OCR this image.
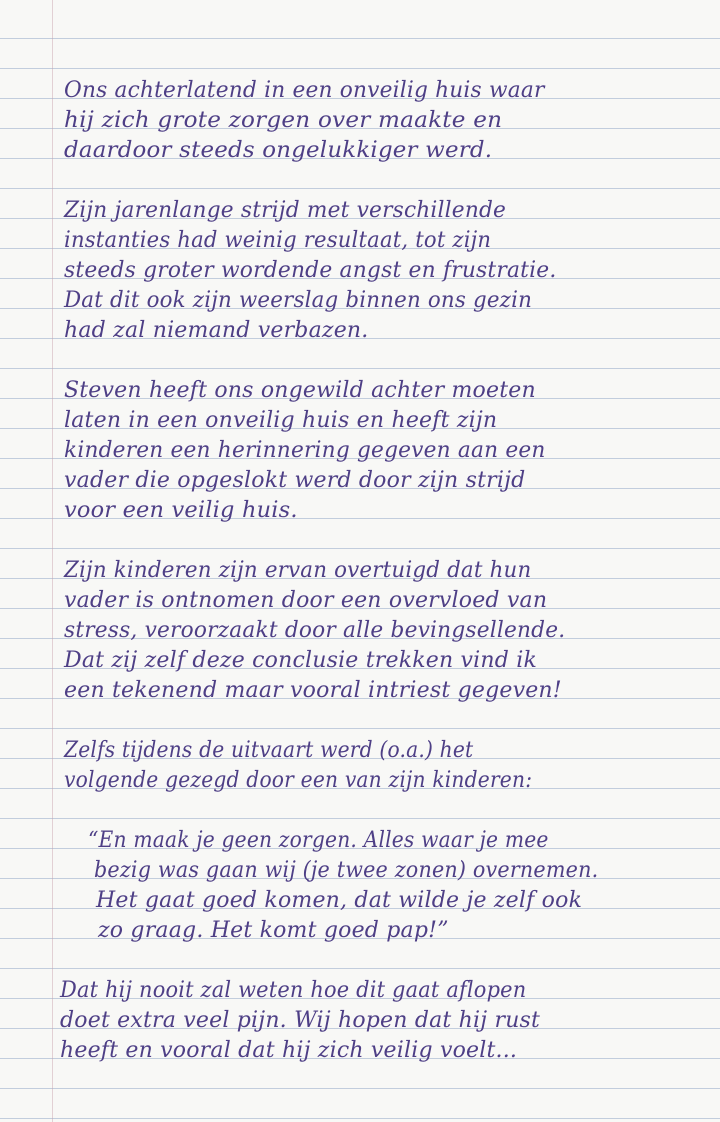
Ons achterlatend in een onveilig huis waar
hij zich grote zorgen over maakte en
daardoor steeds ongelukkiger werd.
Zijn jarenlange strijd met verschillende
instanties had weinig resultaat, tot zijn
steeds groter wordende angst en frustratie.
Dat dit ook zijn weerslag binnen ons gezin
had zal niemand verbazen.
Steven heeft ons ongewild achter moeten
laten in een onveilig huis en heeft zijn
kinderen een herinnering gegeven aan een
vader die opgeslokt werd door zijn strijd
voor een veilig huis.
Zijn kinderen zijn ervan overtuigd dat hun
vader is ontnomen door een overvloed van
stress, veroorzaakt door alle bevingsellende.
Dat zij zelf deze conclusie trekken vind ik
een tekenend maar vooral intriest gegeven!
Zelfs tijdens de uitvaart werd (o.a.) het
volgende gezegd door een van zijn kinderen:
“En maak je geen zorgen. Alles waar je mee
bezig was gaan wij (je twee zonen) overnemen.
Het gaat goed komen, dat wilde je zelf ook
zo graag. Het komt goed pap!”
Dat hij nooit zal weten hoe dit gaat aflopen
doet extra veel pijn. Wij hopen dat hij rust
heeft en vooral dat hij zich veilig voelt...
